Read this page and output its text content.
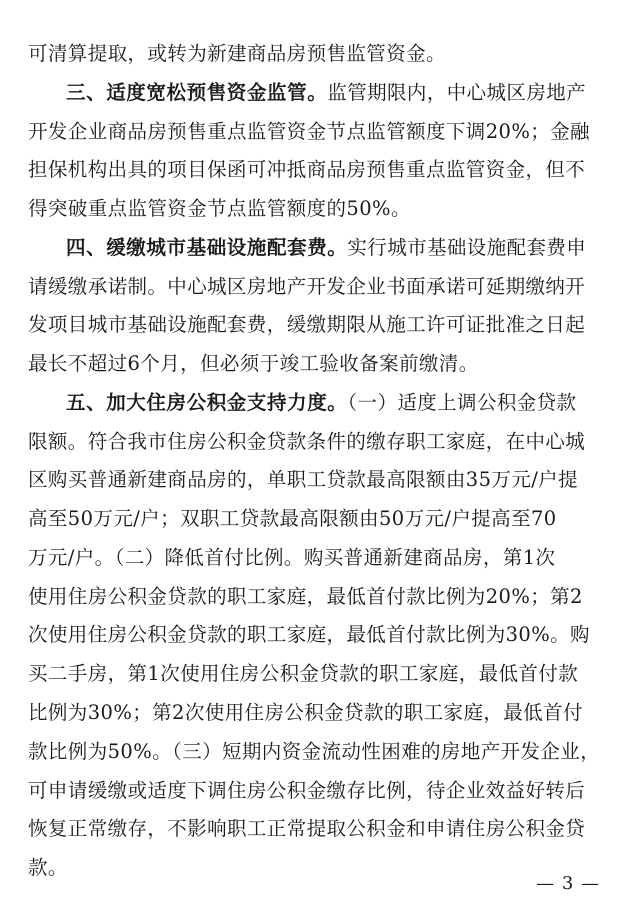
可清算提取，或转为新建商品房预售监管资金。
三、适度宽松预售资金监管。监管期限内，中心城区房地产
开发企业商品房预售重点监管资金节点监管额度下调20%；金融
担保机构出具的项目保函可冲抵商品房预售重点监管资金，但不
得突破重点监管资金节点监管额度的50%。
四、缓缴城市基础设施配套费。实行城市基础设施配套费申
请缓缴承诺制。中心城区房地产开发企业书面承诺可延期缴纳开
发项目城市基础设施配套费，缓缴期限从施工许可证批准之日起
最长不超过6个月，但必须于竣工验收备案前缴清。
五、加大住房公积金支持力度。（一）适度上调公积金贷款
限额。符合我市住房公积金贷款条件的缴存职工家庭，在中心城
区购买普通新建商品房的，单职工贷款最高限额由35万元/户提
高至50万元/户；双职工贷款最高限额由50万元/户提高至70
万元/户。（二）降低首付比例。购买普通新建商品房，第1次
使用住房公积金贷款的职工家庭，最低首付款比例为20%；第2
次使用住房公积金贷款的职工家庭，最低首付款比例为30%。购
买二手房，第1次使用住房公积金贷款的职工家庭，最低首付款
比例为30%；第2次使用住房公积金贷款的职工家庭，最低首付
款比例为50%。（三）短期内资金流动性困难的房地产开发企业，
可申请缓缴或适度下调住房公积金缴存比例，待企业效益好转后
恢复正常缴存，不影响职工正常提取公积金和申请住房公积金贷
款。
— 3 —
